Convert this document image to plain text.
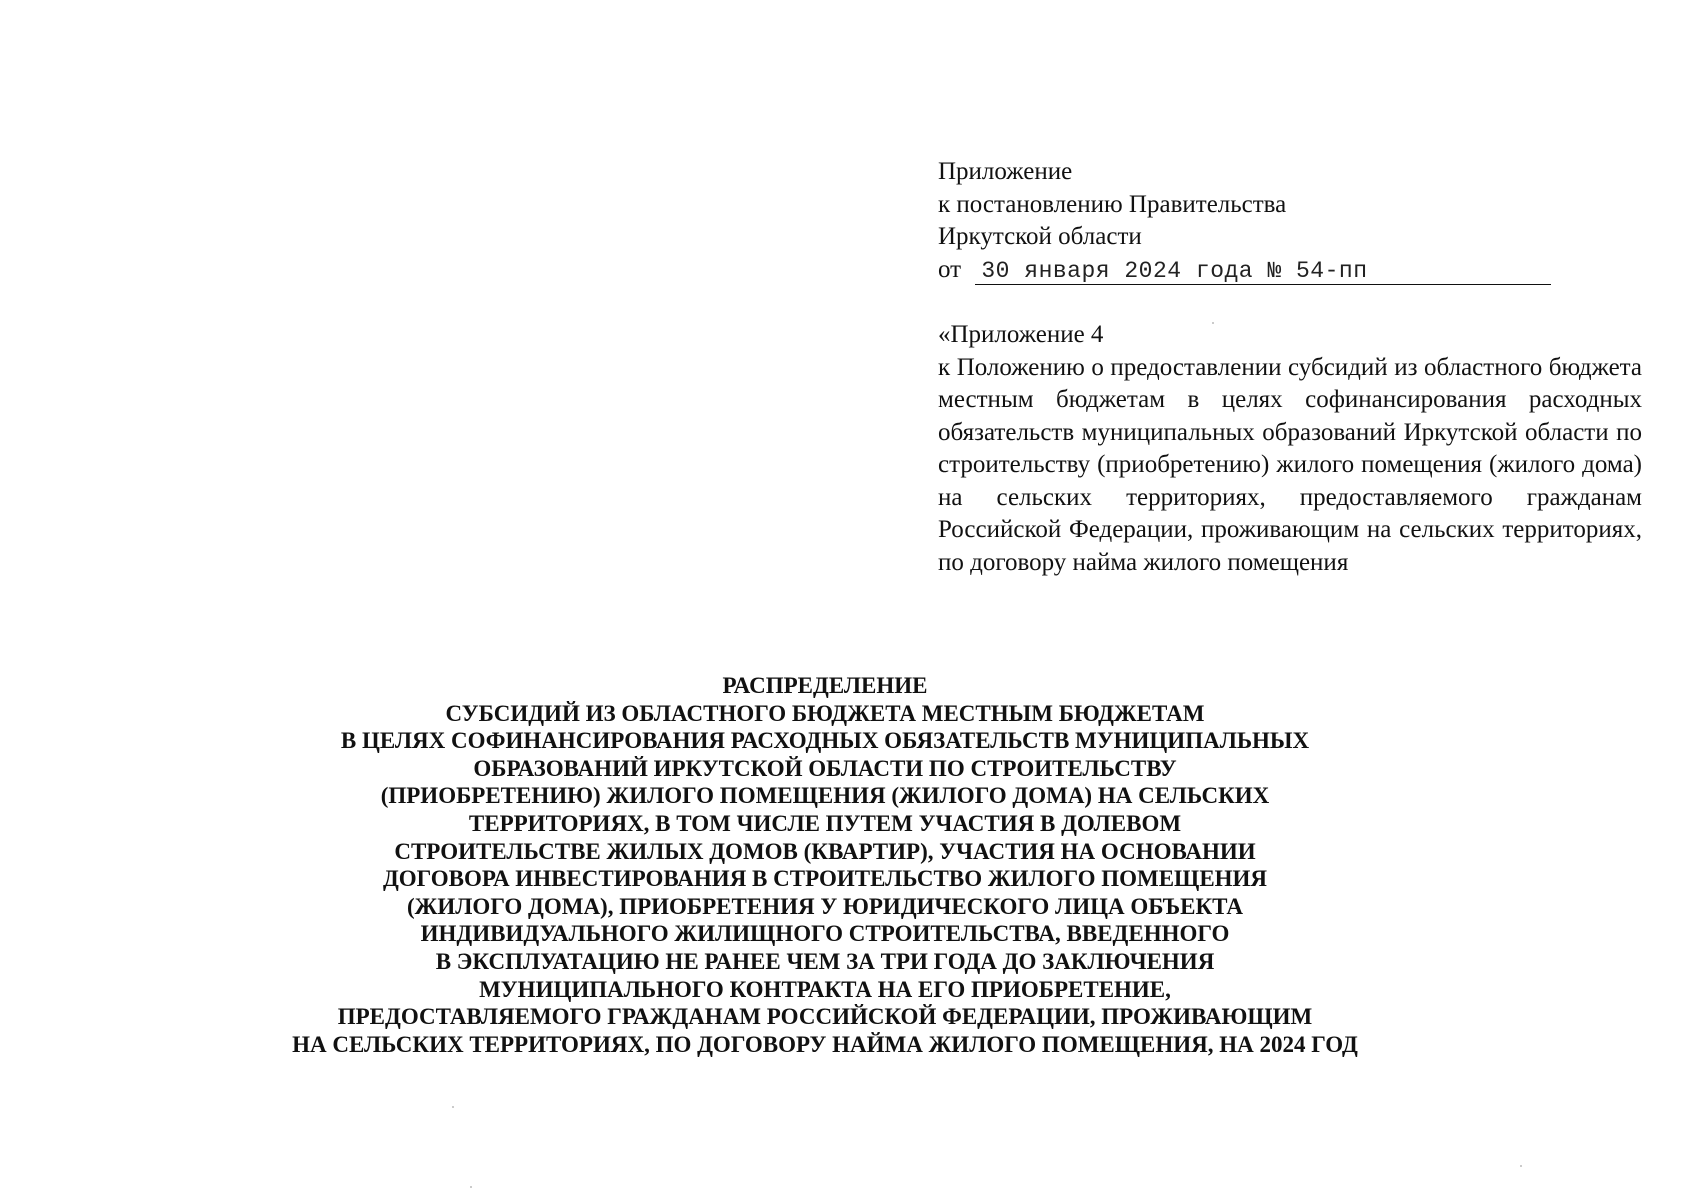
Приложение
к постановлению Правительства
Иркутской области
от 30 января 2024 года № 54-пп
«Приложение 4
к Положению о предоставлении субсидий из областного бюджета местным бюджетам в целях софинансирования расходных обязательств муниципальных образований Иркутской области по строительству (приобретению) жилого помещения (жилого дома) на сельских территориях, предоставляемого гражданам Российской Федерации, проживающим на сельских территориях, по договору найма жилого помещения
РАСПРЕДЕЛЕНИЕ
СУБСИДИЙ ИЗ ОБЛАСТНОГО БЮДЖЕТА МЕСТНЫМ БЮДЖЕТАМ
В ЦЕЛЯХ СОФИНАНСИРОВАНИЯ РАСХОДНЫХ ОБЯЗАТЕЛЬСТВ МУНИЦИПАЛЬНЫХ
ОБРАЗОВАНИЙ ИРКУТСКОЙ ОБЛАСТИ ПО СТРОИТЕЛЬСТВУ
(ПРИОБРЕТЕНИЮ) ЖИЛОГО ПОМЕЩЕНИЯ (ЖИЛОГО ДОМА) НА СЕЛЬСКИХ
ТЕРРИТОРИЯХ, В ТОМ ЧИСЛЕ ПУТЕМ УЧАСТИЯ В ДОЛЕВОМ
СТРОИТЕЛЬСТВЕ ЖИЛЫХ ДОМОВ (КВАРТИР), УЧАСТИЯ НА ОСНОВАНИИ
ДОГОВОРА ИНВЕСТИРОВАНИЯ В СТРОИТЕЛЬСТВО ЖИЛОГО ПОМЕЩЕНИЯ
(ЖИЛОГО ДОМА), ПРИОБРЕТЕНИЯ У ЮРИДИЧЕСКОГО ЛИЦА ОБЪЕКТА
ИНДИВИДУАЛЬНОГО ЖИЛИЩНОГО СТРОИТЕЛЬСТВА, ВВЕДЕННОГО
В ЭКСПЛУАТАЦИЮ НЕ РАНЕЕ ЧЕМ ЗА ТРИ ГОДА ДО ЗАКЛЮЧЕНИЯ
МУНИЦИПАЛЬНОГО КОНТРАКТА НА ЕГО ПРИОБРЕТЕНИЕ,
ПРЕДОСТАВЛЯЕМОГО ГРАЖДАНАМ РОССИЙСКОЙ ФЕДЕРАЦИИ, ПРОЖИВАЮЩИМ
НА СЕЛЬСКИХ ТЕРРИТОРИЯХ, ПО ДОГОВОРУ НАЙМА ЖИЛОГО ПОМЕЩЕНИЯ, НА 2024 ГОД
